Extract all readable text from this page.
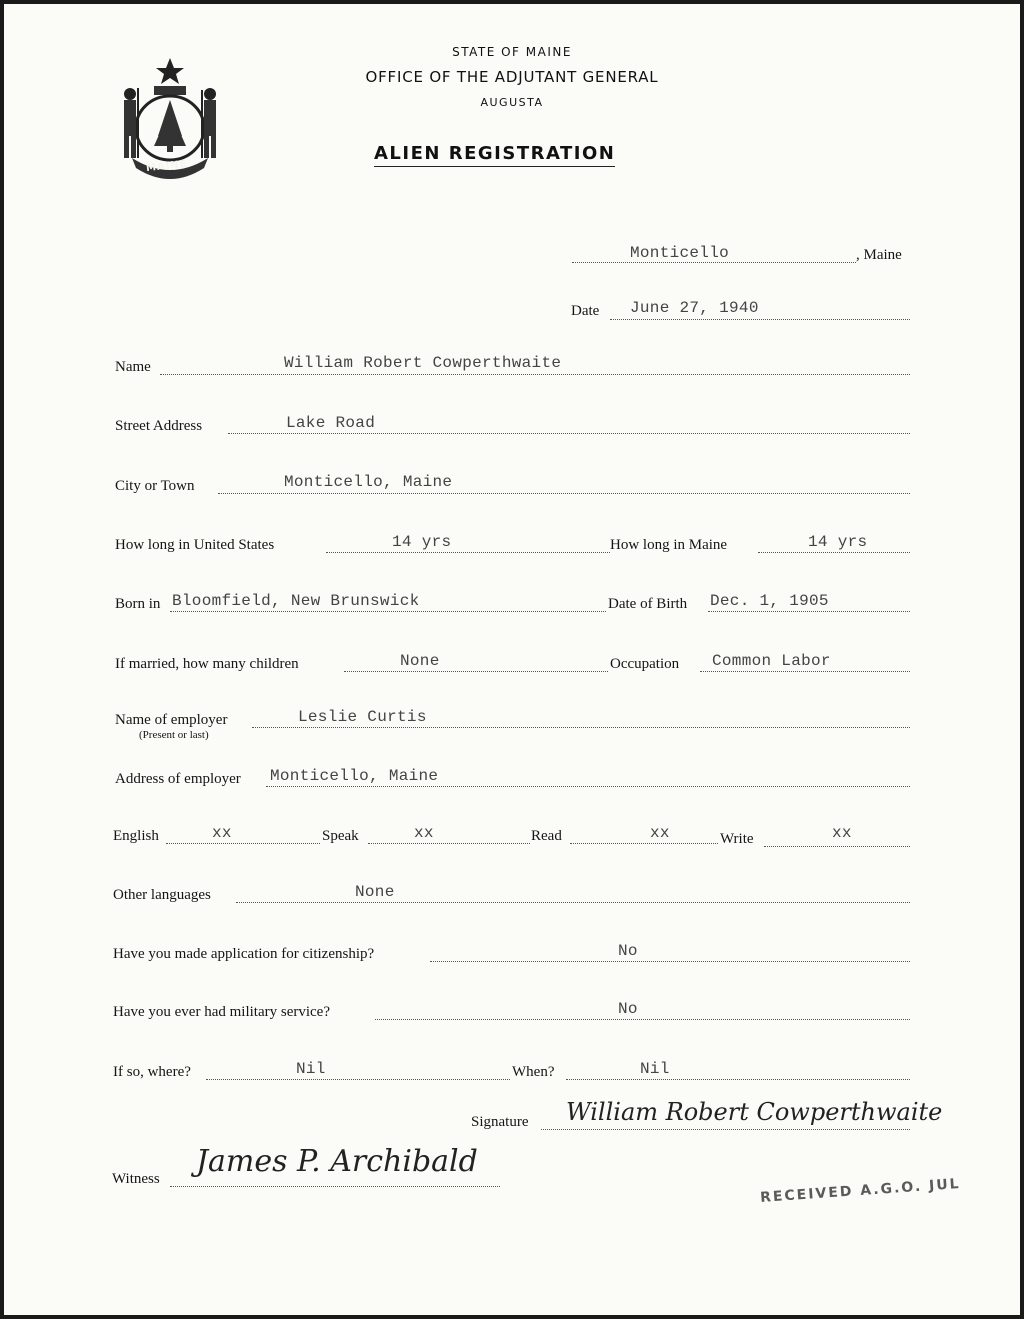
MAINE
STATE OF MAINE
OFFICE OF THE ADJUTANT GENERAL
AUGUSTA
ALIEN REGISTRATION
Monticello	, Maine
Date June 27, 1940
Name	William Robert Cowperthwaite
Street Address	Lake Road
City or Town	Monticello, Maine
How long in United States	14 yrs	How long in Maine	14 yrs
Born in Bloomfield, New Brunswick	Date of Birth Dec. 1, 1905
If married, how many children	None	Occupation Common Labor
Name of employer
(Present or last)
Leslie Curtis
Address of employer Monticello, Maine
English	xx	Speak	xx	Read	xx	Write	xx
Other languages	None
Have you made application for citizenship?	No
Have you ever had military service?	No
If so, where?	Nil	When?	Nil
Signature William Robert Cowperthwaite
Witness James P. Archibald
RECEIVED A.G.O. JUL
